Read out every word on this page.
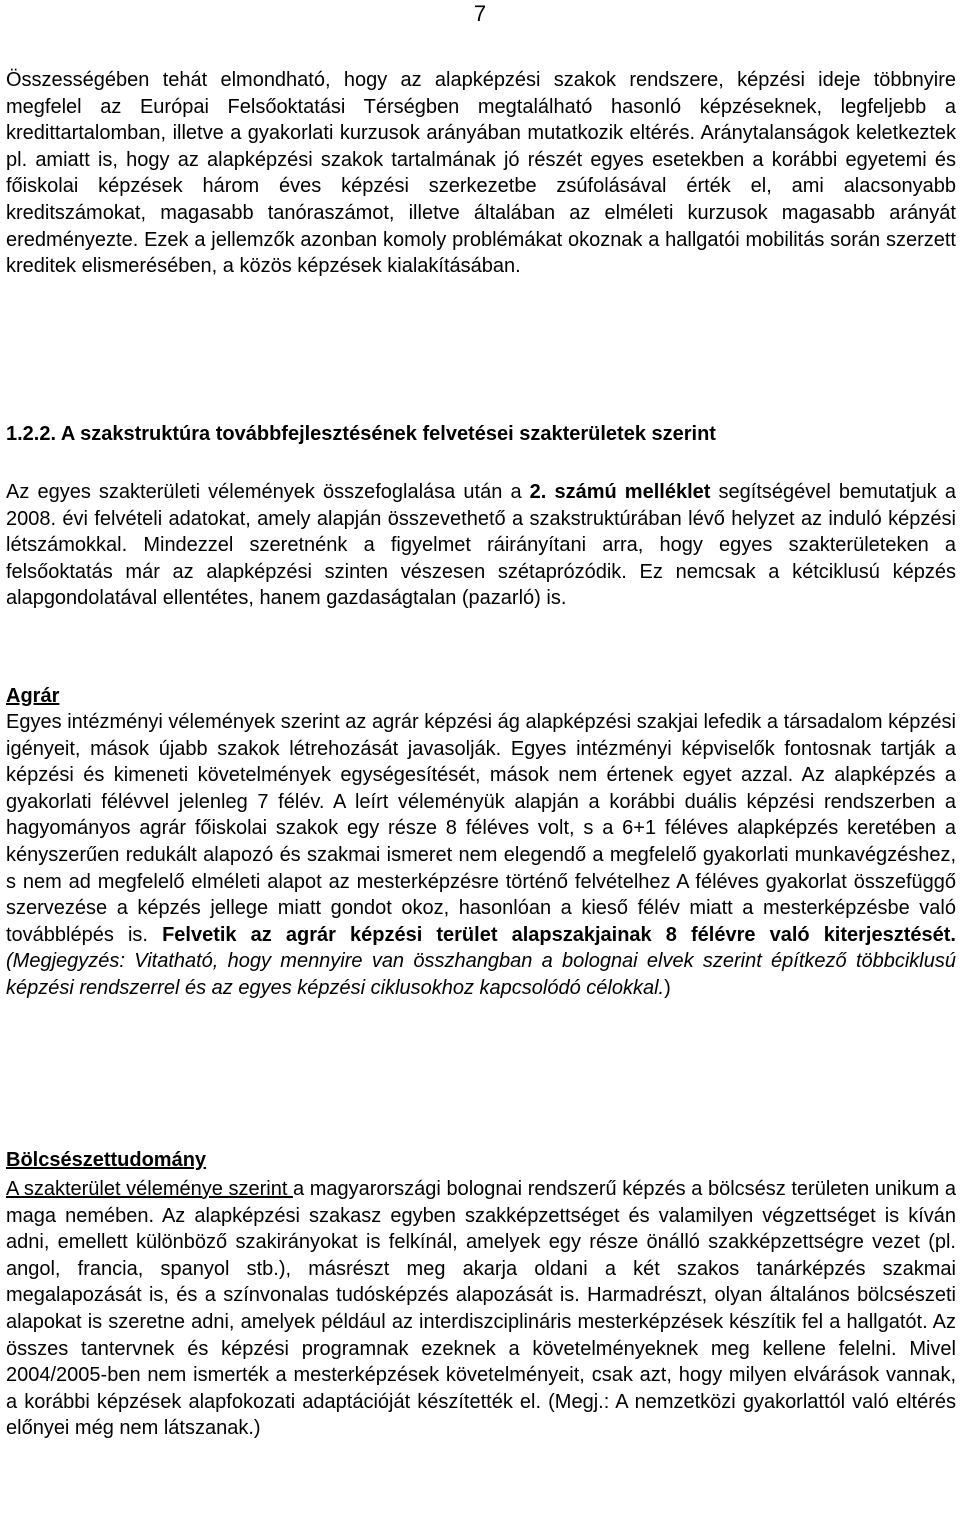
7

Összességében tehát elmondható, hogy az alapképzési szakok rendszere, képzési ideje többnyire megfelel az Európai Felsőoktatási Térségben megtalálható hasonló képzéseknek, legfeljebb a kredittartalomban, illetve a gyakorlati kurzusok arányában mutatkozik eltérés. Aránytalanságok keletkeztek pl. amiatt is, hogy az alapképzési szakok tartalmának jó részét egyes esetekben a korábbi egyetemi és főiskolai képzések három éves képzési szerkezetbe zsúfolásával érték el, ami alacsonyabb kreditszámokat, magasabb tanóraszámot, illetve általában az elméleti kurzusok magasabb arányát eredményezte. Ezek a jellemzők azonban komoly problémákat okoznak a hallgatói mobilitás során szerzett kreditek elismerésében, a közös képzések kialakításában.

1.2.2. A szakstruktúra továbbfejlesztésének felvetései szakterületek szerint

Az egyes szakterületi vélemények összefoglalása után a 2. számú melléklet segítségével bemutatjuk a 2008. évi felvételi adatokat, amely alapján összevethető a szakstruktúrában lévő helyzet az induló képzési létszámokkal. Mindezzel szeretnénk a figyelmet ráirányítani arra, hogy egyes szakterületeken a felsőoktatás már az alapképzési szinten vészesen szétaprózódik. Ez nemcsak a kétciklusú képzés alapgondolatával ellentétes, hanem gazdaságtalan (pazarló) is.

Agrár

Egyes intézményi vélemények szerint az agrár képzési ág alapképzési szakjai lefedik a társadalom képzési igényeit, mások újabb szakok létrehozását javasolják. Egyes intézményi képviselők fontosnak tartják a képzési és kimeneti követelmények egységesítését, mások nem értenek egyet azzal. Az alapképzés a gyakorlati félévvel jelenleg 7 félév. A leírt véleményük alapján a korábbi duális képzési rendszerben a hagyományos agrár főiskolai szakok egy része 8 féléves volt, s a 6+1 féléves alapképzés keretében a kényszerűen redukált alapozó és szakmai ismeret nem elegendő a megfelelő gyakorlati munkavégzéshez, s nem ad megfelelő elméleti alapot az mesterképzésre történő felvételhez A féléves gyakorlat összefüggő szervezése a képzés jellege miatt gondot okoz, hasonlóan a kieső félév miatt a mesterképzésbe való továbblépés is. Felvetik az agrár képzési terület alapszakjainak 8 félévre való kiterjesztését. (Megjegyzés: Vitatható, hogy mennyire van összhangban a bolognai elvek szerint építkező többciklusú képzési rendszerrel és az egyes képzési ciklusokhoz kapcsolódó célokkal.)

Bölcsészettudomány

A szakterület véleménye szerint a magyarországi bolognai rendszerű képzés a bölcsész területen unikum a maga nemében. Az alapképzési szakasz egyben szakképzettséget és valamilyen végzettséget is kíván adni, emellett különböző szakirányokat is felkínál, amelyek egy része önálló szakképzettségre vezet (pl. angol, francia, spanyol stb.), másrészt meg akarja oldani a két szakos tanárképzés szakmai megalapozását is, és a színvonalas tudósképzés alapozását is. Harmadrészt, olyan általános bölcsészeti alapokat is szeretne adni, amelyek például az interdiszciplináris mesterképzések készítik fel a hallgatót. Az összes tantervnek és képzési programnak ezeknek a követelményeknek meg kellene felelni. Mivel 2004/2005-ben nem ismerték a mesterképzések követelményeit, csak azt, hogy milyen elvárások vannak, a korábbi képzések alapfokozati adaptációját készítették el. (Megj.: A nemzetközi gyakorlattól való eltérés előnyei még nem látszanak.)
